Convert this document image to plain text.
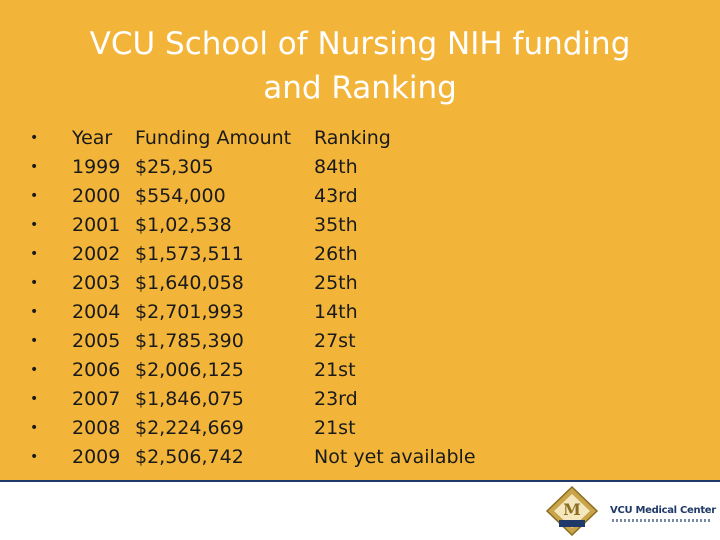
VCU School of Nursing NIH funding
and Ranking
• Year Funding Amount Ranking
• 1999 $25,305	84th
• 2000 $554,000	43rd
• 2001 $1,02,538	35th
• 2002 $1,573,511	26th
• 2003 $1,640,058	25th
• 2004 $2,701,993	14th
• 2005 $1,785,390	27st
• 2006 $2,006,125	21st
• 2007 $1,846,075	23rd
• 2008 $2,224,669	21st
• 2009 $2,506,742	Not yet available
M	VCU Medical Center
